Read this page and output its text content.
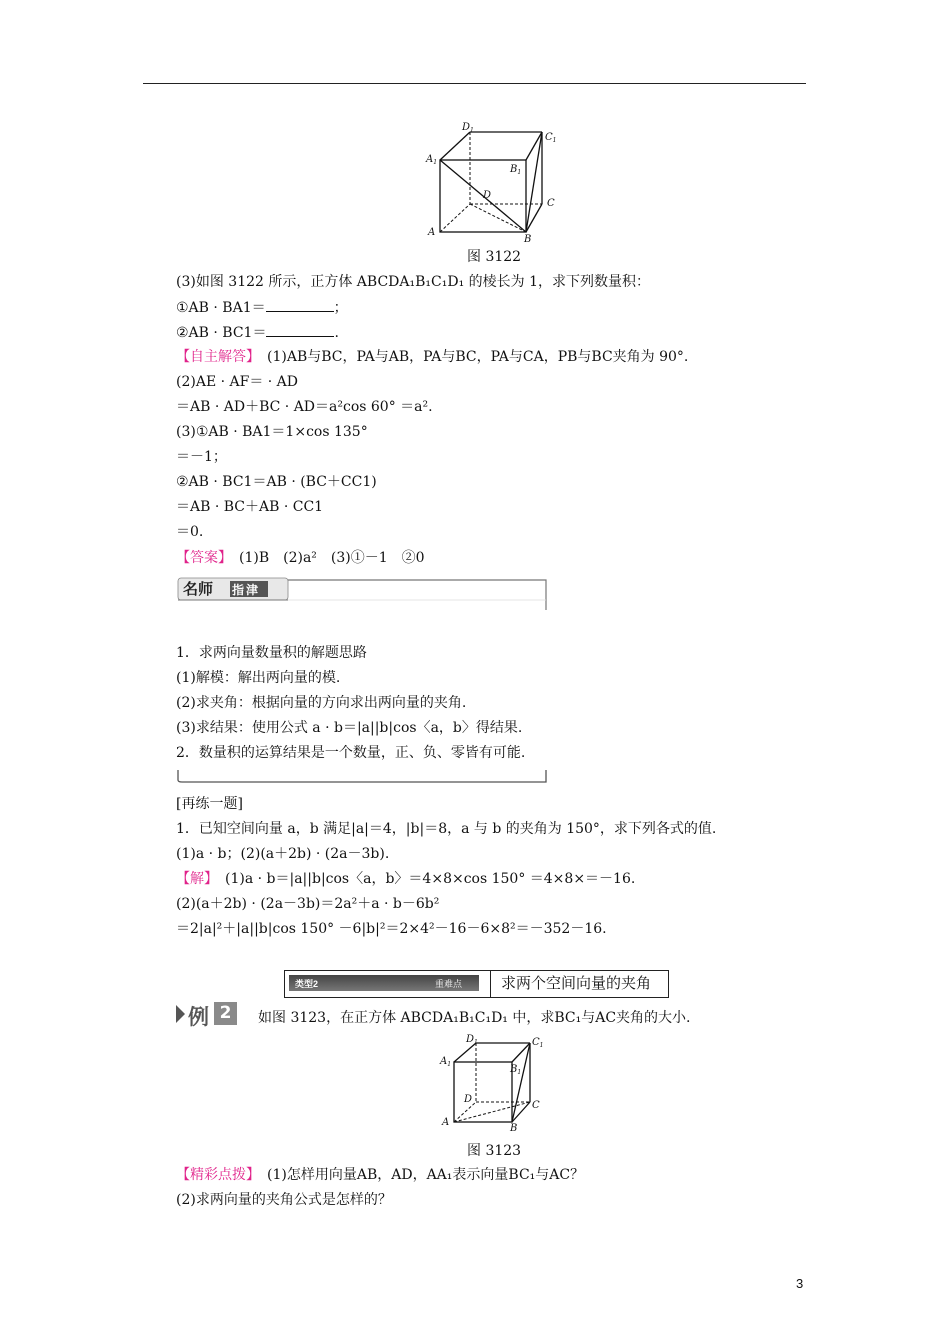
$D_1$
$C_1$
$A_1$
$B_1$
D
C
A
B
图 3122
(3)如图 3122 所示，正方体 ABCDA₁B₁C₁D₁ 的棱长为 1，求下列数量积：
①AB · BA1＝	；
②AB · BC1＝	.
【自主解答】　(1)AB与BC，PA与AB，PA与BC，PA与CA，PB与BC夹角为 90°.
(2)AE · AF＝ · AD
＝AB · AD＋BC · AD＝a²cos 60° ＝a².
(3)①AB · BA1＝1×cos 135°
＝－1；
②AB · BC1＝AB · (BC＋CC1)
＝AB · BC＋AB · CC1
＝0.
【答案】　(1)B　(2)a²　(3)①－1　②0
名师 指津
1．求两向量数量积的解题思路
(1)解模：解出两向量的模.
(2)求夹角：根据向量的方向求出两向量的夹角.
(3)求结果：使用公式 a · b＝|a||b|cos〈a，b〉得结果.
2．数量积的运算结果是一个数量，正、负、零皆有可能.
[再练一题]
1．已知空间向量 a，b 满足|a|＝4，|b|＝8，a 与 b 的夹角为 150°，求下列各式的值.
(1)a · b；(2)(a＋2b) · (2a－3b).
【解】　(1)a · b＝|a||b|cos〈a，b〉＝4×8×cos 150° ＝4×8×＝－16.
(2)(a＋2b) · (2a－3b)＝2a²＋a · b－6b²
＝2|a|²＋|a||b|cos 150° －6|b|²＝2×4²－16－6×8²＝－352－16.
类型2	重难点	求两个空间向量的夹角
例 2	如图 3123，在正方体 ABCDA₁B₁C₁D₁ 中，求BC₁与AC夹角的大小.
$D_1$	$C_1$
$A_1$	$B_1$
D
C
A
B
图 3123
【精彩点拨】　(1)怎样用向量AB，AD，AA₁表示向量BC₁与AC？
(2)求两向量的夹角公式是怎样的？
3
